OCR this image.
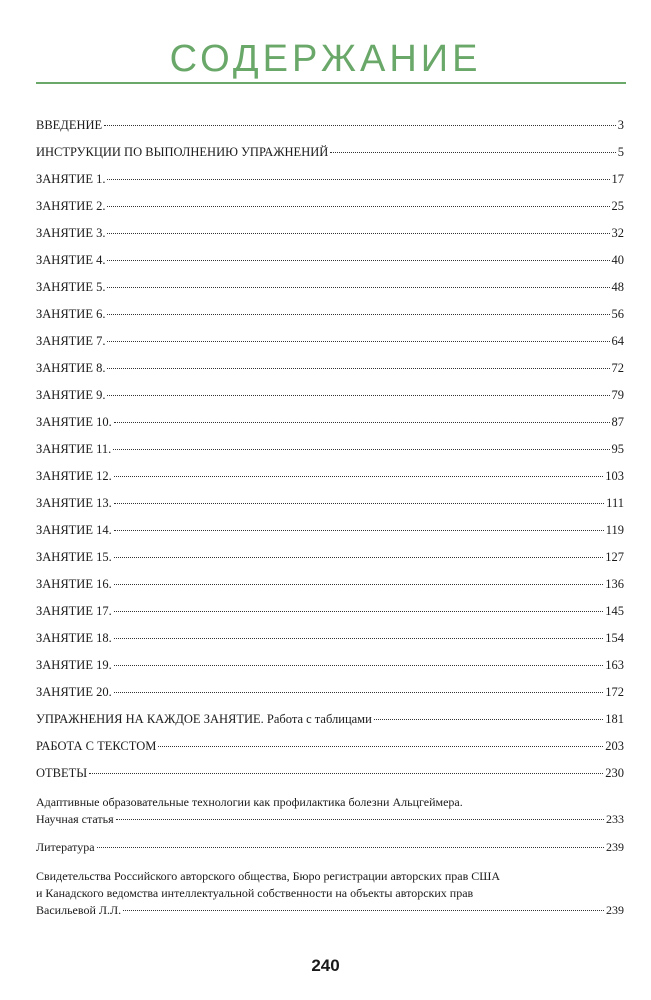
СОДЕРЖАНИЕ
ВВЕДЕНИЕ	3
ИНСТРУКЦИИ ПО ВЫПОЛНЕНИЮ УПРАЖНЕНИЙ	5
ЗАНЯТИЕ 1.	17
ЗАНЯТИЕ 2.	25
ЗАНЯТИЕ 3.	32
ЗАНЯТИЕ 4.	40
ЗАНЯТИЕ 5.	48
ЗАНЯТИЕ 6.	56
ЗАНЯТИЕ 7.	64
ЗАНЯТИЕ 8.	72
ЗАНЯТИЕ 9.	79
ЗАНЯТИЕ 10.	87
ЗАНЯТИЕ 11.	95
ЗАНЯТИЕ 12.	103
ЗАНЯТИЕ 13.	111
ЗАНЯТИЕ 14.	119
ЗАНЯТИЕ 15.	127
ЗАНЯТИЕ 16.	136
ЗАНЯТИЕ 17.	145
ЗАНЯТИЕ 18.	154
ЗАНЯТИЕ 19.	163
ЗАНЯТИЕ 20.	172
УПРАЖНЕНИЯ НА КАЖДОЕ ЗАНЯТИЕ. Работа с таблицами	181
РАБОТА С ТЕКСТОМ	203
ОТВЕТЫ	230
Адаптивные образовательные технологии как профилактика болезни Альцгеймера.
Научная статья	233
Литература	239
Свидетельства Российского авторского общества, Бюро регистрации авторских прав США
и Канадского ведомства интеллектуальной собственности на объекты авторских прав
Васильевой Л.Л.	239
240
